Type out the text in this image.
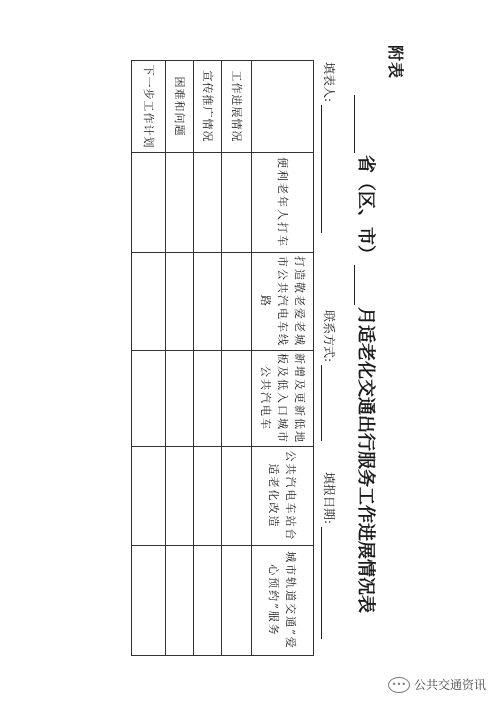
附表
省（区、市）
月适老化交通出行服务工作进展情况表
填表人:
联系方式:
填报日期:
	便利老年人打车	打造敬老爱老城市公共汽电车线路	新增及更新低地板及低入口城市公共汽电车	公共汽电车站台适老化改造	城市轨道交通“爱心预约”服务
工作进展情况					
宣传推广情况					
困难和问题					
下一步工作计划					
••• 公共交通资讯
